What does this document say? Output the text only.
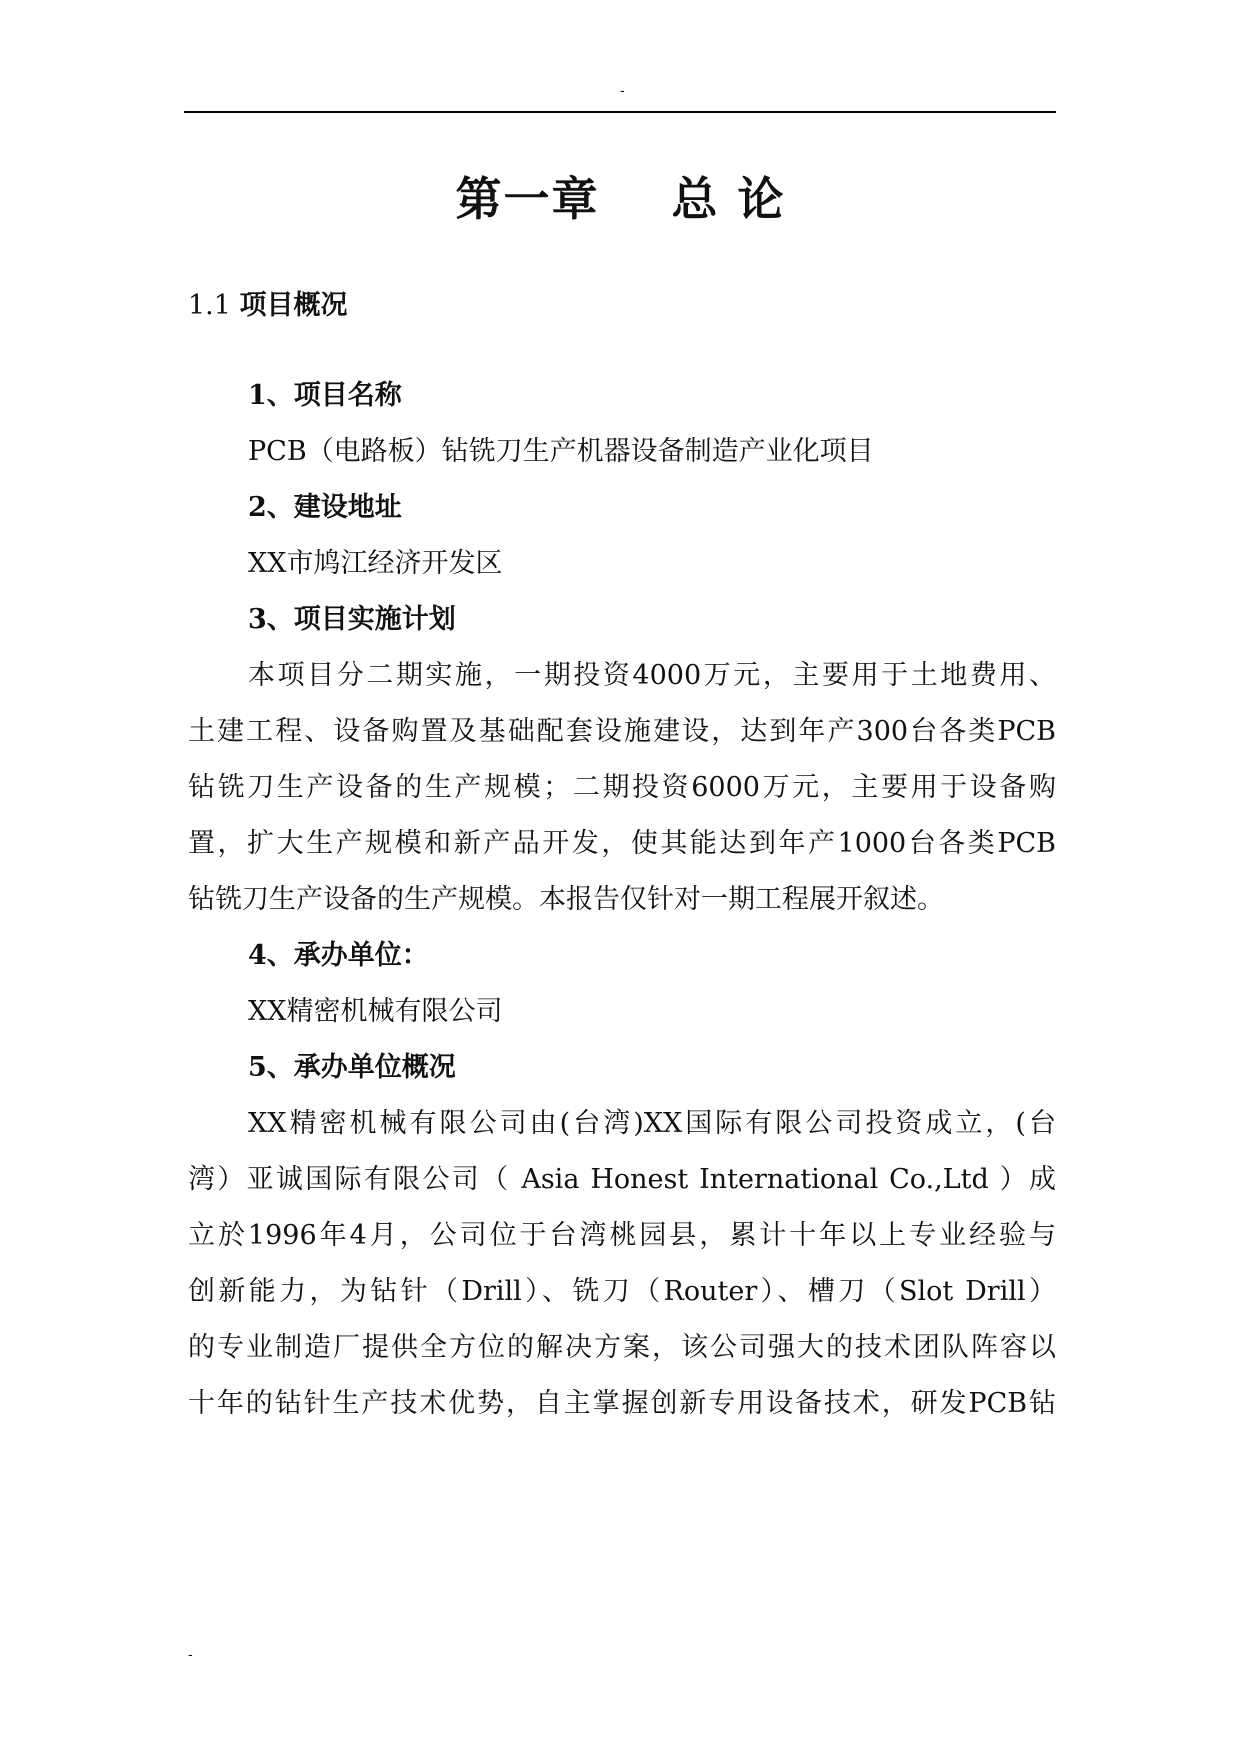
-
第一章    总 论
1.1 项目概况
1、项目名称
PCB（电路板）钻铣刀生产机器设备制造产业化项目
2、建设地址
XX市鸠江经济开发区
3、项目实施计划
本项目分二期实施，一期投资4000万元，主要用于土地费用、
土建工程、设备购置及基础配套设施建设，达到年产300台各类PCB
钻铣刀生产设备的生产规模；二期投资6000万元，主要用于设备购
置，扩大生产规模和新产品开发，使其能达到年产1000台各类PCB
钻铣刀生产设备的生产规模。本报告仅针对一期工程展开叙述。
4、承办单位：
XX精密机械有限公司
5、承办单位概况
XX精密机械有限公司由(台湾)XX国际有限公司投资成立，(台
湾）亚诚国际有限公司（ Asia Honest International Co.,Ltd ）成
立於1996年4月，公司位于台湾桃园县，累计十年以上专业经验与
创新能力，为钻针（Drill）、铣刀（Router）、槽刀（Slot Drill）
的专业制造厂提供全方位的解决方案，该公司强大的技术团队阵容以
十年的钻针生产技术优势，自主掌握创新专用设备技术，研发PCB钻
-
